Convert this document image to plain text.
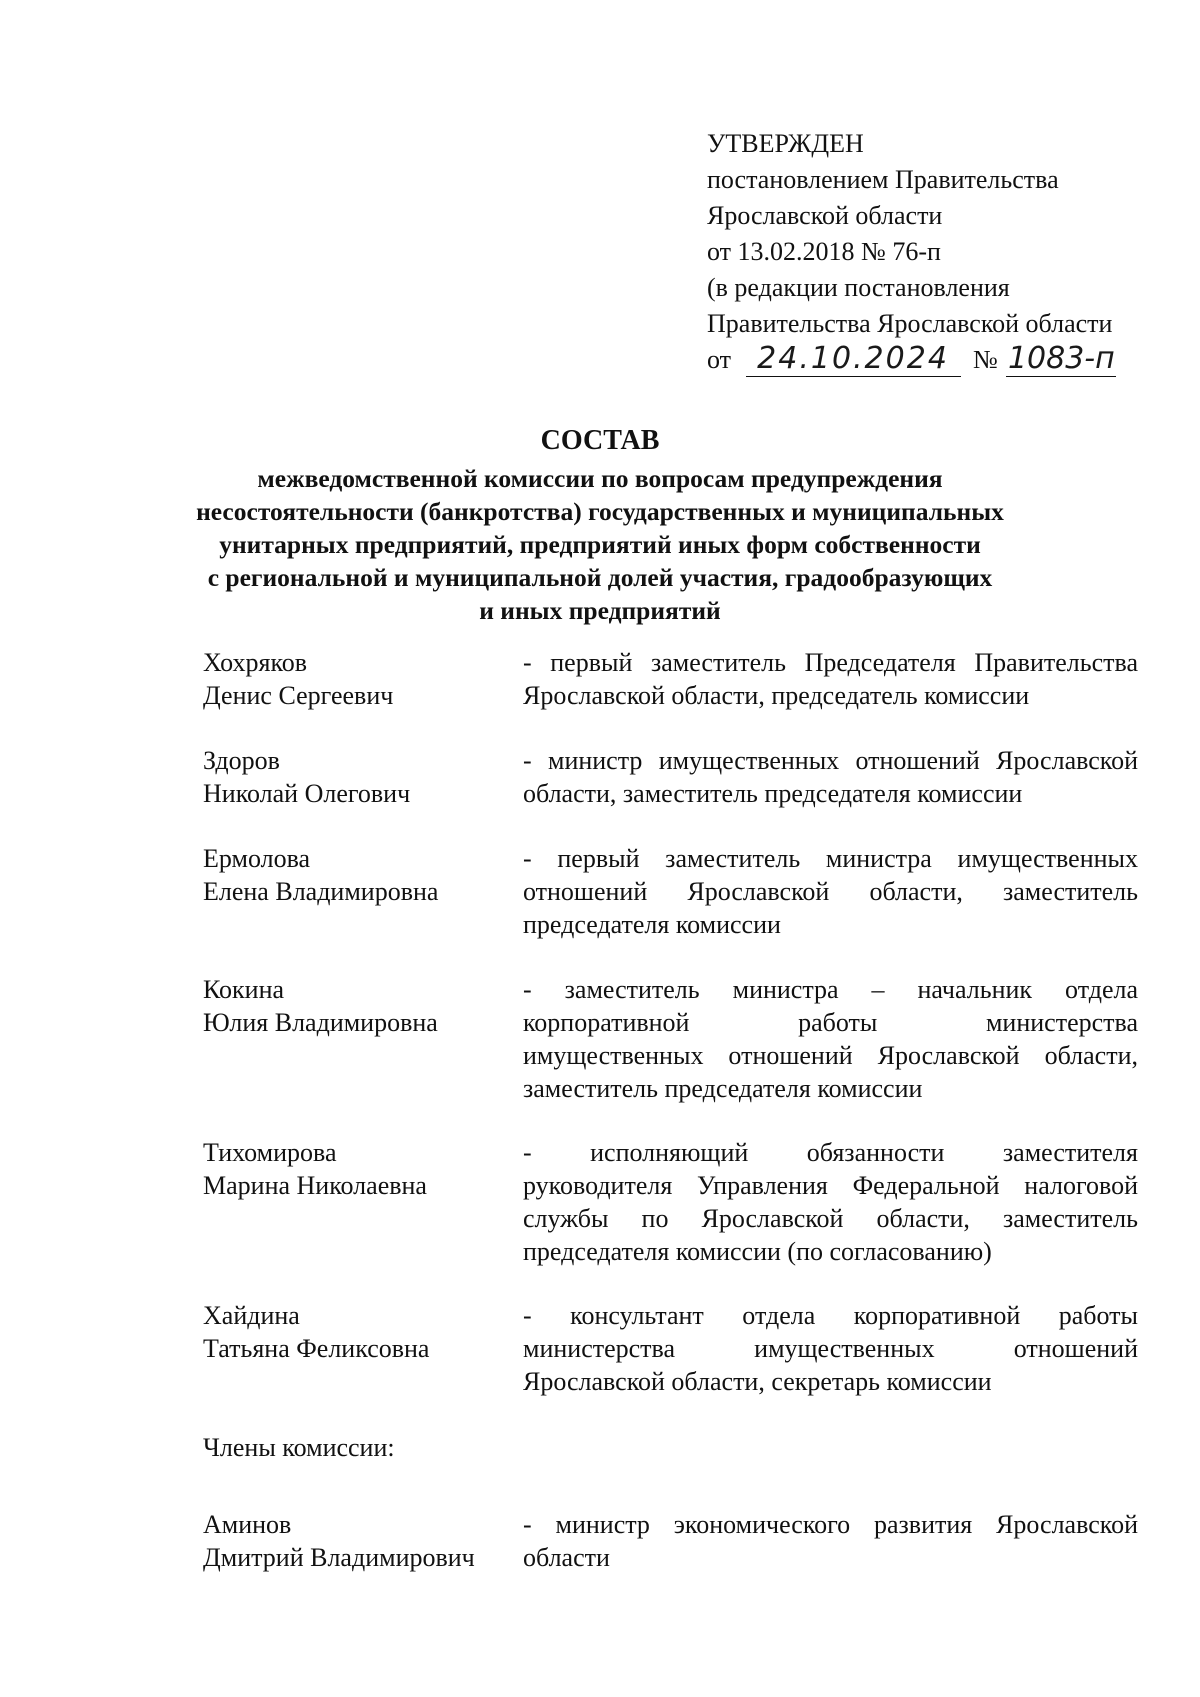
УТВЕРЖДЕН
постановлением Правительства
Ярославской области
от 13.02.2018 № 76-п
(в редакции постановления
Правительства Ярославской области
от 24.10.2024 № 1083-п
СОСТАВ
межведомственной комиссии по вопросам предупреждения
несостоятельности (банкротства) государственных и муниципальных
унитарных предприятий, предприятий иных форм собственности
с региональной и муниципальной долей участия, градообразующих
и иных предприятий
Хохряков
Денис Сергеевич
- первый заместитель Председателя Правительства
Ярославской области, председатель комиссии
Здоров
Николай Олегович
- министр имущественных отношений Ярославской
области, заместитель председателя комиссии
Ермолова
Елена Владимировна
- первый заместитель министра имущественных
отношений Ярославской области, заместитель
председателя комиссии
Кокина
Юлия Владимировна
- заместитель министра – начальник отдела
корпоративной работы министерства
имущественных отношений Ярославской области,
заместитель председателя комиссии
Тихомирова
Марина Николаевна
- исполняющий обязанности заместителя
руководителя Управления Федеральной налоговой
службы по Ярославской области, заместитель
председателя комиссии (по согласованию)
Хайдина
Татьяна Феликсовна
- консультант отдела корпоративной работы
министерства имущественных отношений
Ярославской области, секретарь комиссии
Члены комиссии:
Аминов
Дмитрий Владимирович
- министр экономического развития Ярославской
области
